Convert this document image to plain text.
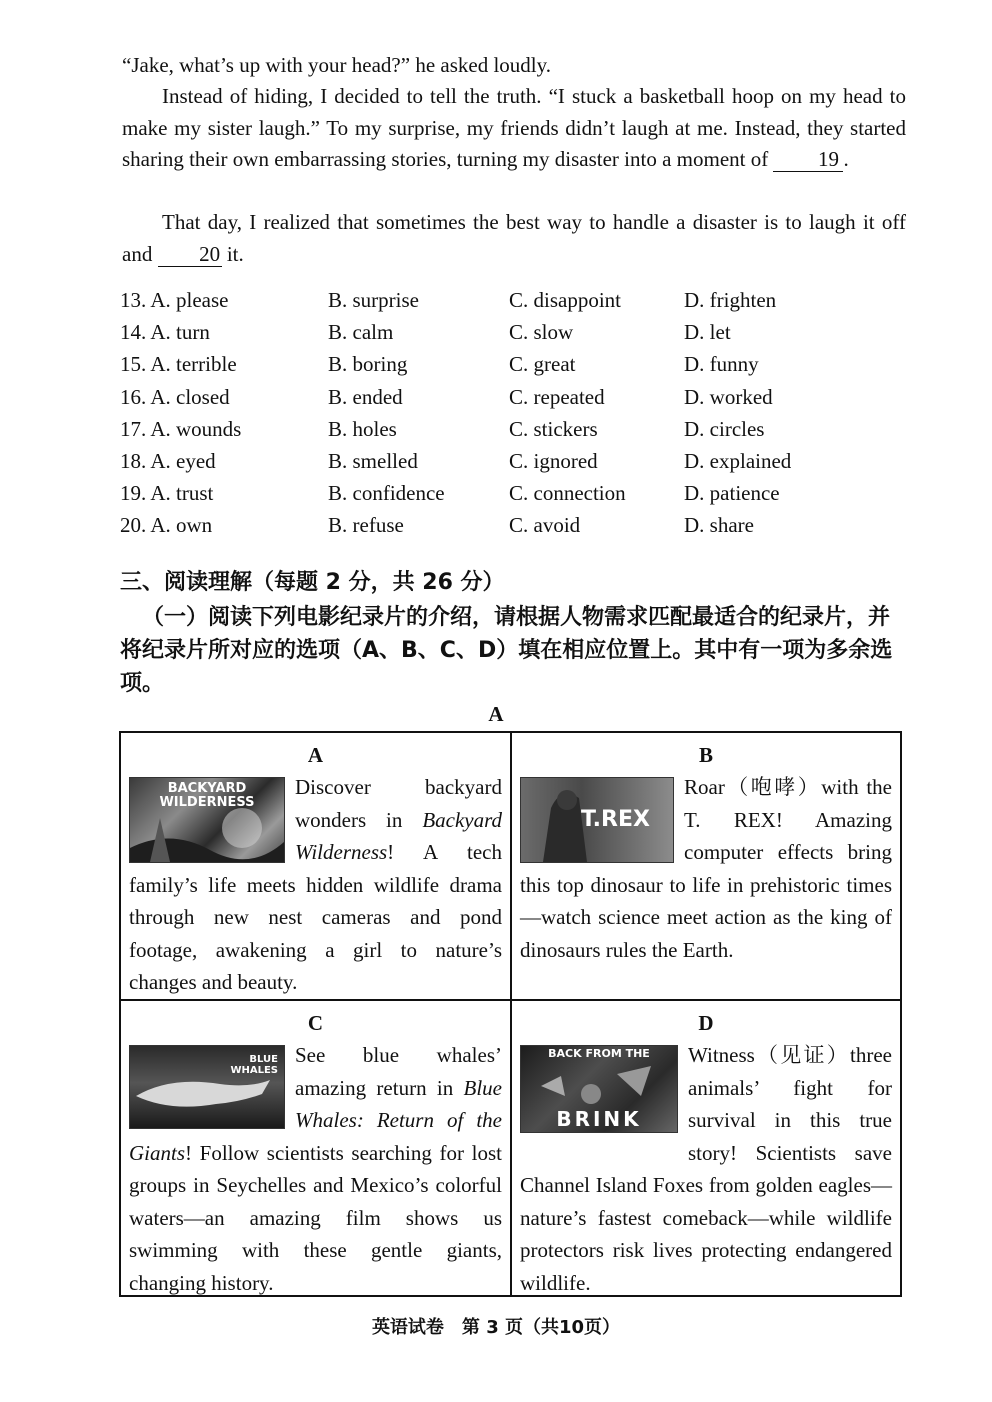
“Jake, what’s up with your head?” he asked loudly.

Instead of hiding, I decided to tell the truth. “I stuck a basketball hoop on my head to make my sister laugh.” To my surprise, my friends didn’t laugh at me. Instead, they started sharing their own embarrassing stories, turning my disaster into a moment of 19 .

That day, I realized that sometimes the best way to handle a disaster is to laugh it off and 20 it.

13. A. please	B. surprise	C. disappoint	D. frighten
14. A. turn	B. calm	C. slow	D. let
15. A. terrible	B. boring	C. great	D. funny
16. A. closed	B. ended	C. repeated	D. worked
17. A. wounds	B. holes	C. stickers	D. circles
18. A. eyed	B. smelled	C. ignored	D. explained
19. A. trust	B. confidence	C. connection	D. patience
20. A. own	B. refuse	C. avoid	D. share

三、阅读理解（每题 2 分，共 26 分）

（一）阅读下列电影纪录片的介绍，请根据人物需求匹配最适合的纪录片，并将纪录片所对应的选项（A、B、C、D）填在相应位置上。其中有一项为多余选项。

A
A
BACKYARD WILDERNESS

Discover backyard wonders in Backyard Wilderness! A tech family’s life meets hidden wildlife drama through new nest cameras and pond footage, awakening a girl to nature’s changes and beauty.

B
T.REX

Roar（咆哮）with the T. REX! Amazing computer effects bring this top dinosaur to life in prehistoric times—watch science meet action as the king of dinosaurs rules the Earth.

C
BLUE WHALES

See blue whales’ amazing return in Blue Whales: Return of the Giants! Follow scientists searching for lost groups in Seychelles and Mexico’s colorful waters—an amazing film shows us swimming with these gentle giants, changing history.

D
BACK FROM THE
BRINK

Witness（见证）three animals’ fight for survival in this true story! Scientists save Channel Island Foxes from golden eagles—nature’s fastest comeback—while wildlife protectors risk lives protecting endangered wildlife.

英语试卷　第 3 页（共10页）
